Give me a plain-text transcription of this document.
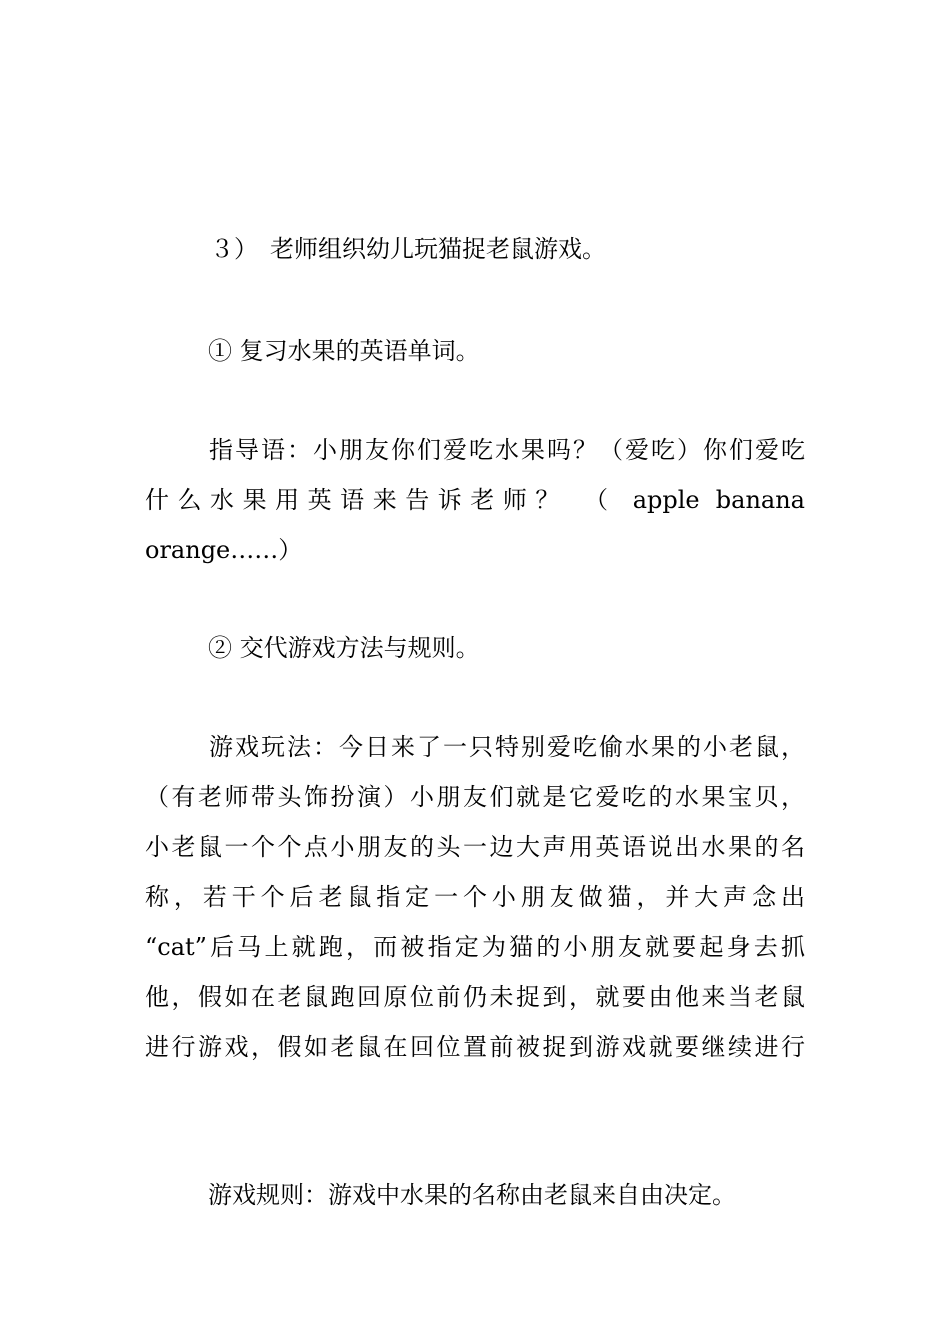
３）　老师组织幼儿玩猫捉老鼠游戏。

① 复习水果的英语单词。

指导语：小朋友你们爱吃水果吗？（爱吃）你们爱吃
什么水果用英语来告诉老师？ （ apple banana
orange……）

② 交代游戏方法与规则。

游戏玩法：今日来了一只特别爱吃偷水果的小老鼠，
（有老师带头饰扮演）小朋友们就是它爱吃的水果宝贝，
小老鼠一个个点小朋友的头一边大声用英语说出水果的名
称，若干个后老鼠指定一个小朋友做猫，并大声念出
“cat”后马上就跑，而被指定为猫的小朋友就要起身去抓
他，假如在老鼠跑回原位前仍未捉到，就要由他来当老鼠
进行游戏，假如老鼠在回位置前被捉到游戏就要继续进行

游戏规则：游戏中水果的名称由老鼠来自由决定。
